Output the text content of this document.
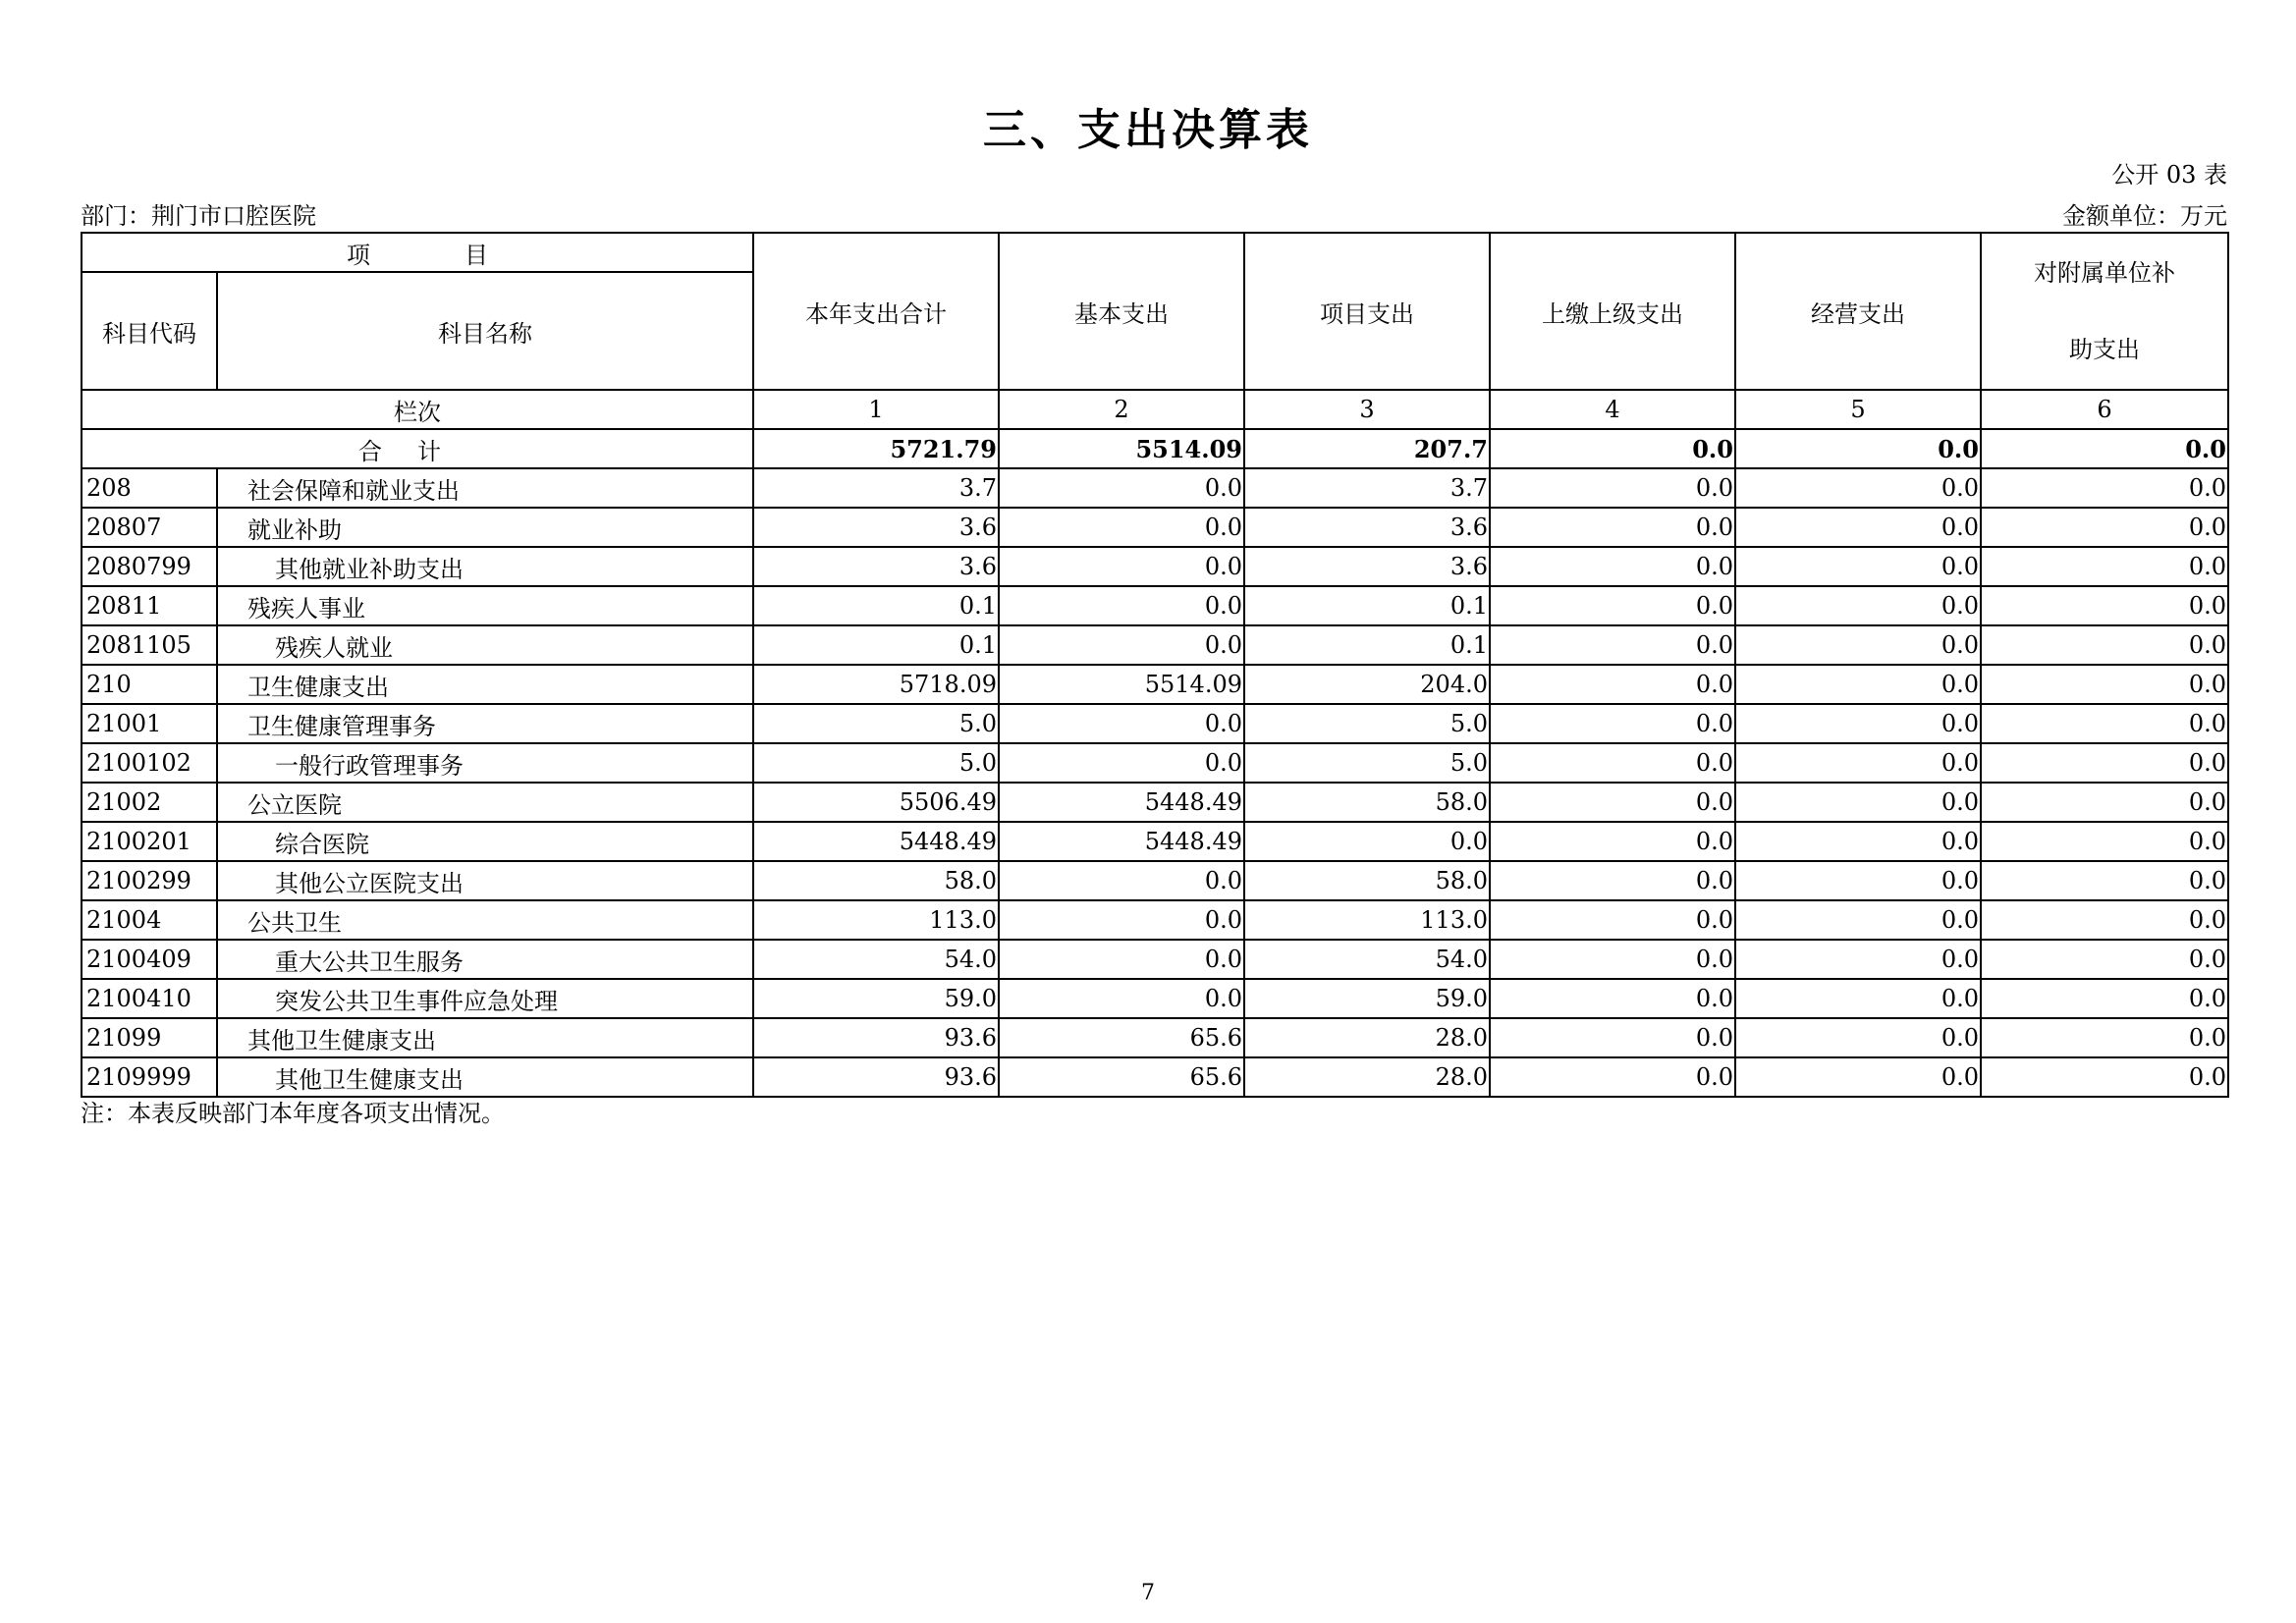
三、支出决算表
公开 03 表
部门：荆门市口腔医院	金额单位：万元
项　　　　目		本年支出合计	基本支出	项目支出	上缴上级支出	经营支出	对附属单位补助支出
科目代码	科目名称						
栏次		1	2	3	4	5	6
合计		5721.79	5514.09	207.7	0.0	0.0	0.0
208	社会保障和就业支出	3.7	0.0	3.7	0.0	0.0	0.0
20807	就业补助	3.6	0.0	3.6	0.0	0.0	0.0
2080799	其他就业补助支出	3.6	0.0	3.6	0.0	0.0	0.0
20811	残疾人事业	0.1	0.0	0.1	0.0	0.0	0.0
2081105	残疾人就业	0.1	0.0	0.1	0.0	0.0	0.0
210	卫生健康支出	5718.09	5514.09	204.0	0.0	0.0	0.0
21001	卫生健康管理事务	5.0	0.0	5.0	0.0	0.0	0.0
2100102	一般行政管理事务	5.0	0.0	5.0	0.0	0.0	0.0
21002	公立医院	5506.49	5448.49	58.0	0.0	0.0	0.0
2100201	综合医院	5448.49	5448.49	0.0	0.0	0.0	0.0
2100299	其他公立医院支出	58.0	0.0	58.0	0.0	0.0	0.0
21004	公共卫生	113.0	0.0	113.0	0.0	0.0	0.0
2100409	重大公共卫生服务	54.0	0.0	54.0	0.0	0.0	0.0
2100410	突发公共卫生事件应急处理	59.0	0.0	59.0	0.0	0.0	0.0
21099	其他卫生健康支出	93.6	65.6	28.0	0.0	0.0	0.0
2109999	其他卫生健康支出	93.6	65.6	28.0	0.0	0.0	0.0
注：本表反映部门本年度各项支出情况。
7
